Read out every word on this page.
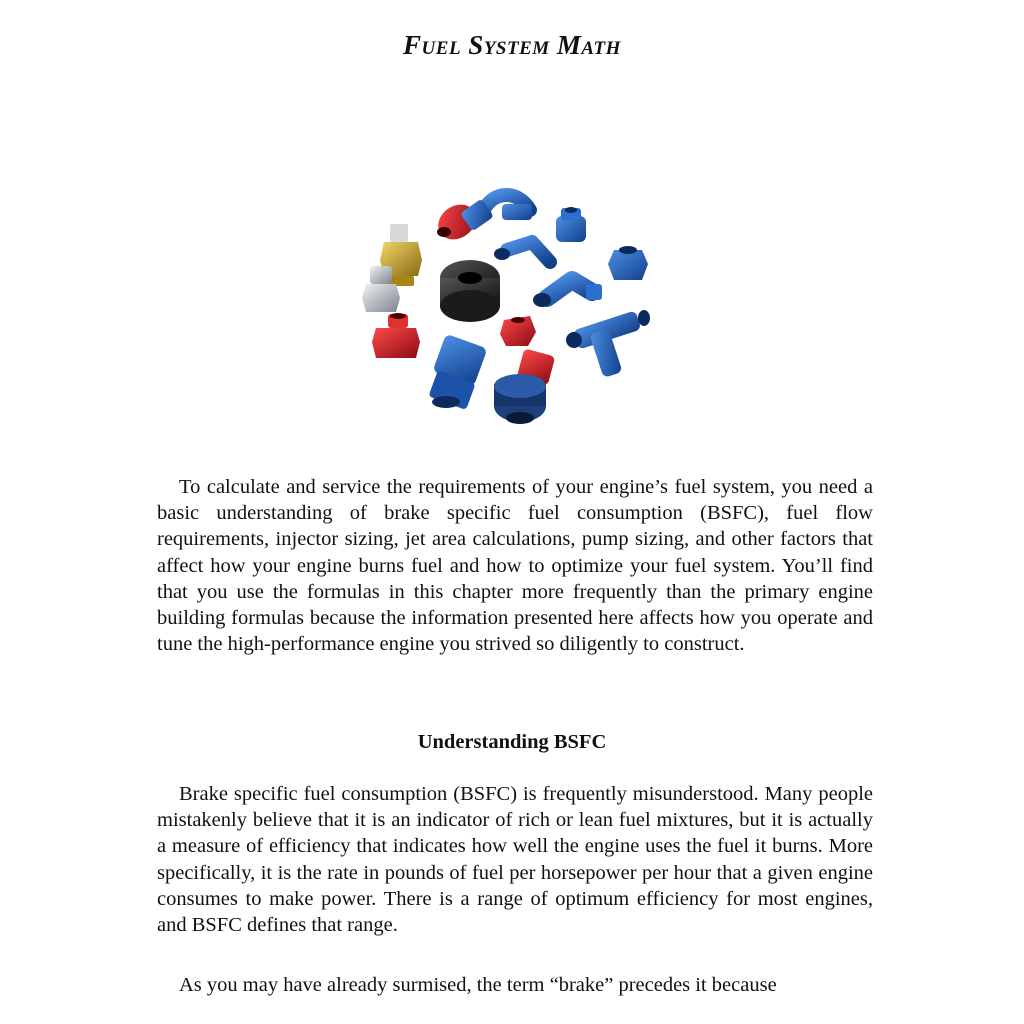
Fuel System Math

To calculate and service the requirements of your engine’s fuel system, you need a basic understanding of brake specific fuel consumption (BSFC), fuel flow requirements, injector sizing, jet area calculations, pump sizing, and other factors that affect how your engine burns fuel and how to optimize your fuel system. You’ll find that you use the formulas in this chapter more frequently than the primary engine building formulas because the information presented here affects how you operate and tune the high-performance engine you strived so diligently to construct.

Understanding BSFC

Brake specific fuel consumption (BSFC) is frequently misunderstood. Many people mistakenly believe that it is an indicator of rich or lean fuel mixtures, but it is actually a measure of efficiency that indicates how well the engine uses the fuel it burns. More specifically, it is the rate in pounds of fuel per horsepower per hour that a given engine consumes to make power. There is a range of optimum efficiency for most engines, and BSFC defines that range.

As you may have already surmised, the term “brake” precedes it because
